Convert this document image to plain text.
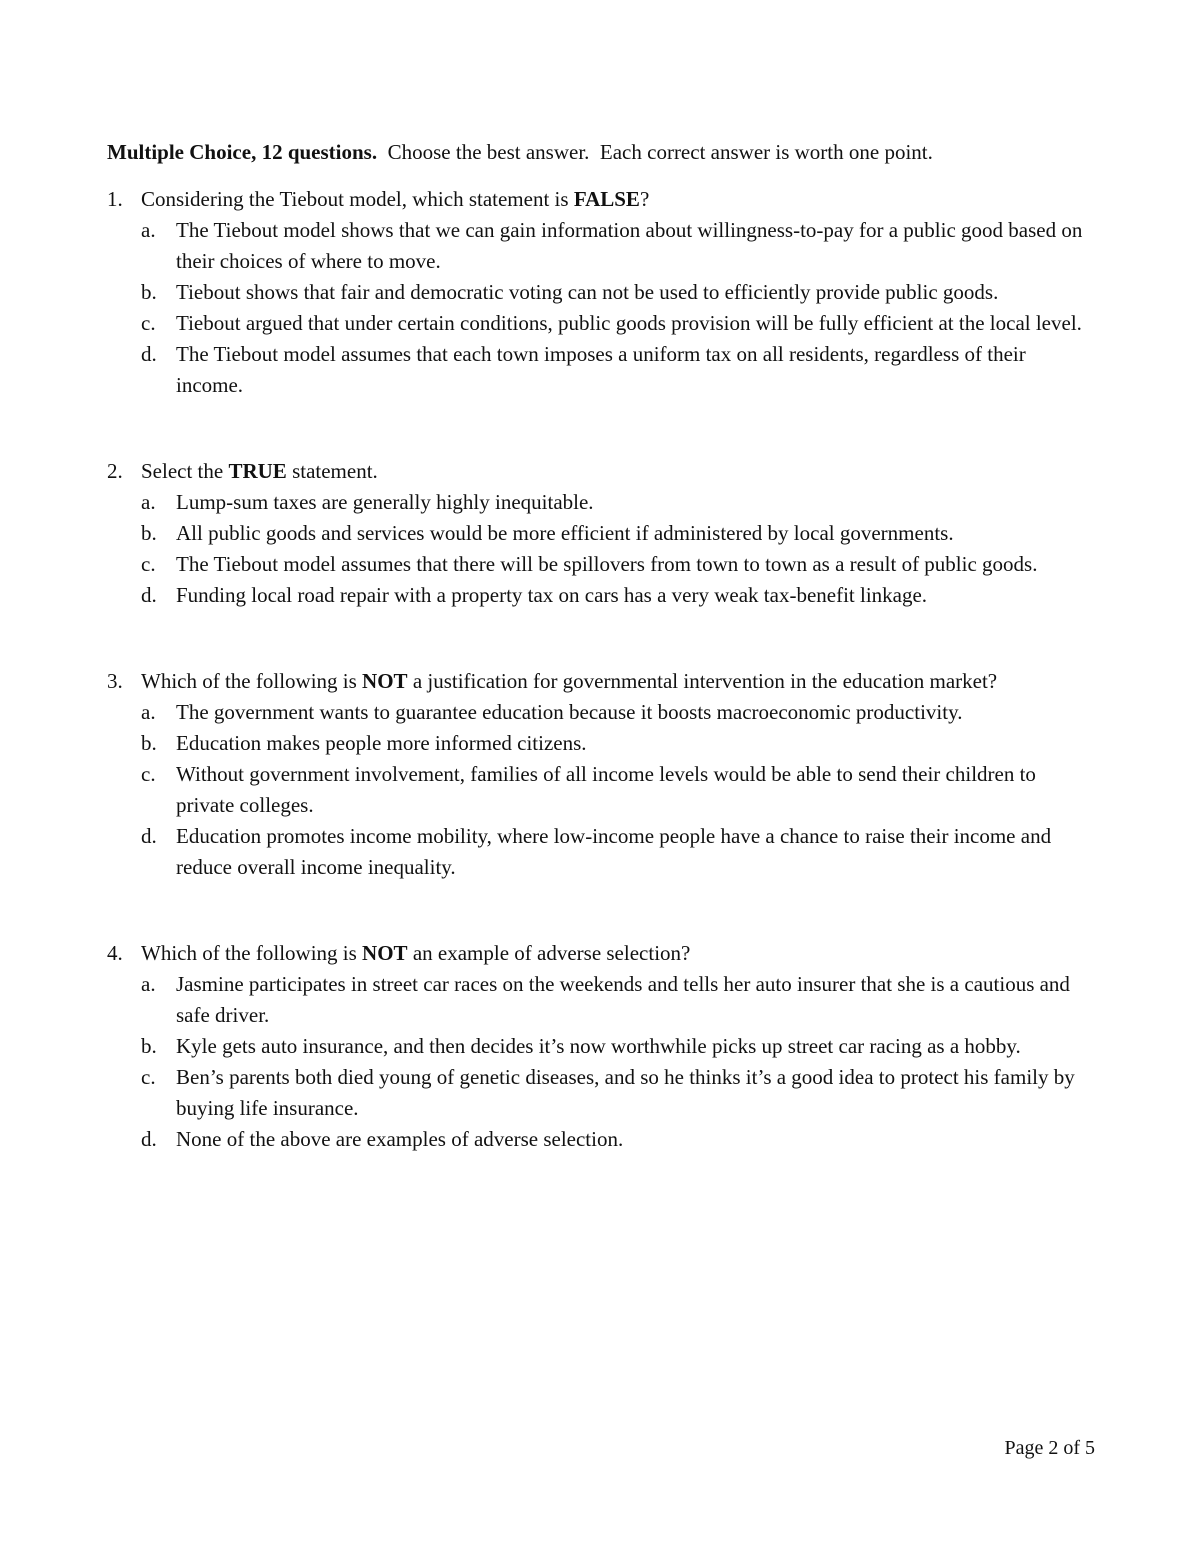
Multiple Choice, 12 questions.  Choose the best answer.  Each correct answer is worth one point.

1. Considering the Tiebout model, which statement is FALSE?
a. The Tiebout model shows that we can gain information about willingness-to-pay for a public good based on their choices of where to move.
b. Tiebout shows that fair and democratic voting can not be used to efficiently provide public goods.
c. Tiebout argued that under certain conditions, public goods provision will be fully efficient at the local level.
d. The Tiebout model assumes that each town imposes a uniform tax on all residents, regardless of their income.
2. Select the TRUE statement.
a. Lump-sum taxes are generally highly inequitable.
b. All public goods and services would be more efficient if administered by local governments.
c. The Tiebout model assumes that there will be spillovers from town to town as a result of public goods.
d. Funding local road repair with a property tax on cars has a very weak tax-benefit linkage.
3. Which of the following is NOT a justification for governmental intervention in the education market?
a. The government wants to guarantee education because it boosts macroeconomic productivity.
b. Education makes people more informed citizens.
c. Without government involvement, families of all income levels would be able to send their children to private colleges.
d. Education promotes income mobility, where low-income people have a chance to raise their income and reduce overall income inequality.
4. Which of the following is NOT an example of adverse selection?
a. Jasmine participates in street car races on the weekends and tells her auto insurer that she is a cautious and safe driver.
b. Kyle gets auto insurance, and then decides it’s now worthwhile picks up street car racing as a hobby.
c. Ben’s parents both died young of genetic diseases, and so he thinks it’s a good idea to protect his family by buying life insurance.
d. None of the above are examples of adverse selection.
Page 2 of 5
